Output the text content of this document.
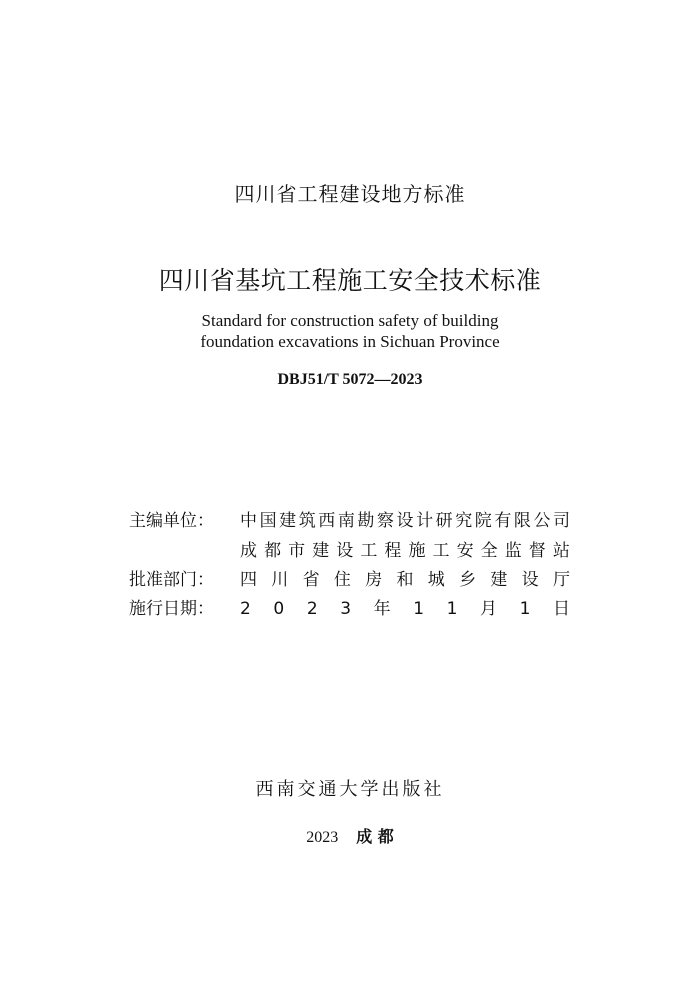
四川省工程建设地方标准
四川省基坑工程施工安全技术标准
Standard for construction safety of building
foundation excavations in Sichuan Province
DBJ51/T 5072—2023
主编单位：	中 国 建 筑 西 南 勘 察 设 计 研 究 院 有 限 公 司
成 都 市 建 设 工 程 施 工 安 全 监 督 站
批准部门：	四 川 省 住 房 和 城 乡 建 设 厅
施行日期：	2 0 2 3 年 1 1 月 1 日
西南交通大学出版社
2023 成 都
